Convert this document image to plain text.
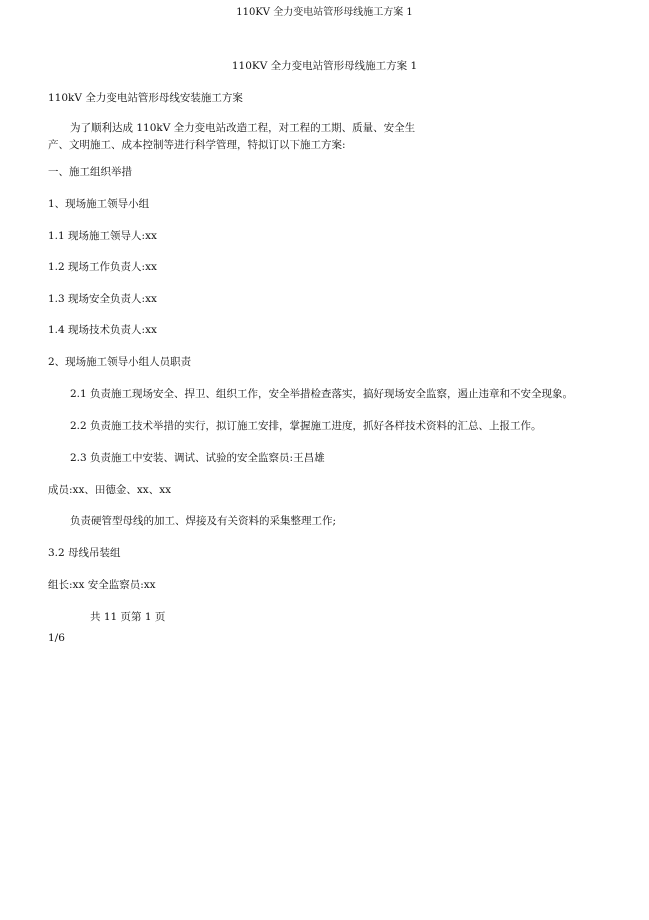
110KV 全力变电站管形母线施工方案 1
110KV 全力变电站管形母线施工方案 1
110kV 全力变电站管形母线安装施工方案
为了顺利达成 110kV 全力变电站改造工程，对工程的工期、质量、安全生产、文明施工、成本控制等进行科学管理，特拟订以下施工方案:
一、施工组织举措
1、现场施工领导小组
1.1 现场施工领导人:xx
1.2 现场工作负责人:xx
1.3 现场安全负责人:xx
1.4 现场技术负责人:xx
2、现场施工领导小组人员职责
2.1 负责施工现场安全、捍卫、组织工作，安全举措检查落实，搞好现场安全监察，遏止违章和不安全现象。
2.2 负责施工技术举措的实行，拟订施工安排，掌握施工进度，抓好各样技术资料的汇总、上报工作。
2.3 负责施工中安装、调试、试验的安全监察员:王昌雄
成员:xx、田德金、xx、xx
负责硬管型母线的加工、焊接及有关资料的采集整理工作;
3.2 母线吊装组
组长:xx 安全监察员:xx
共 11 页第 1 页
1/6
